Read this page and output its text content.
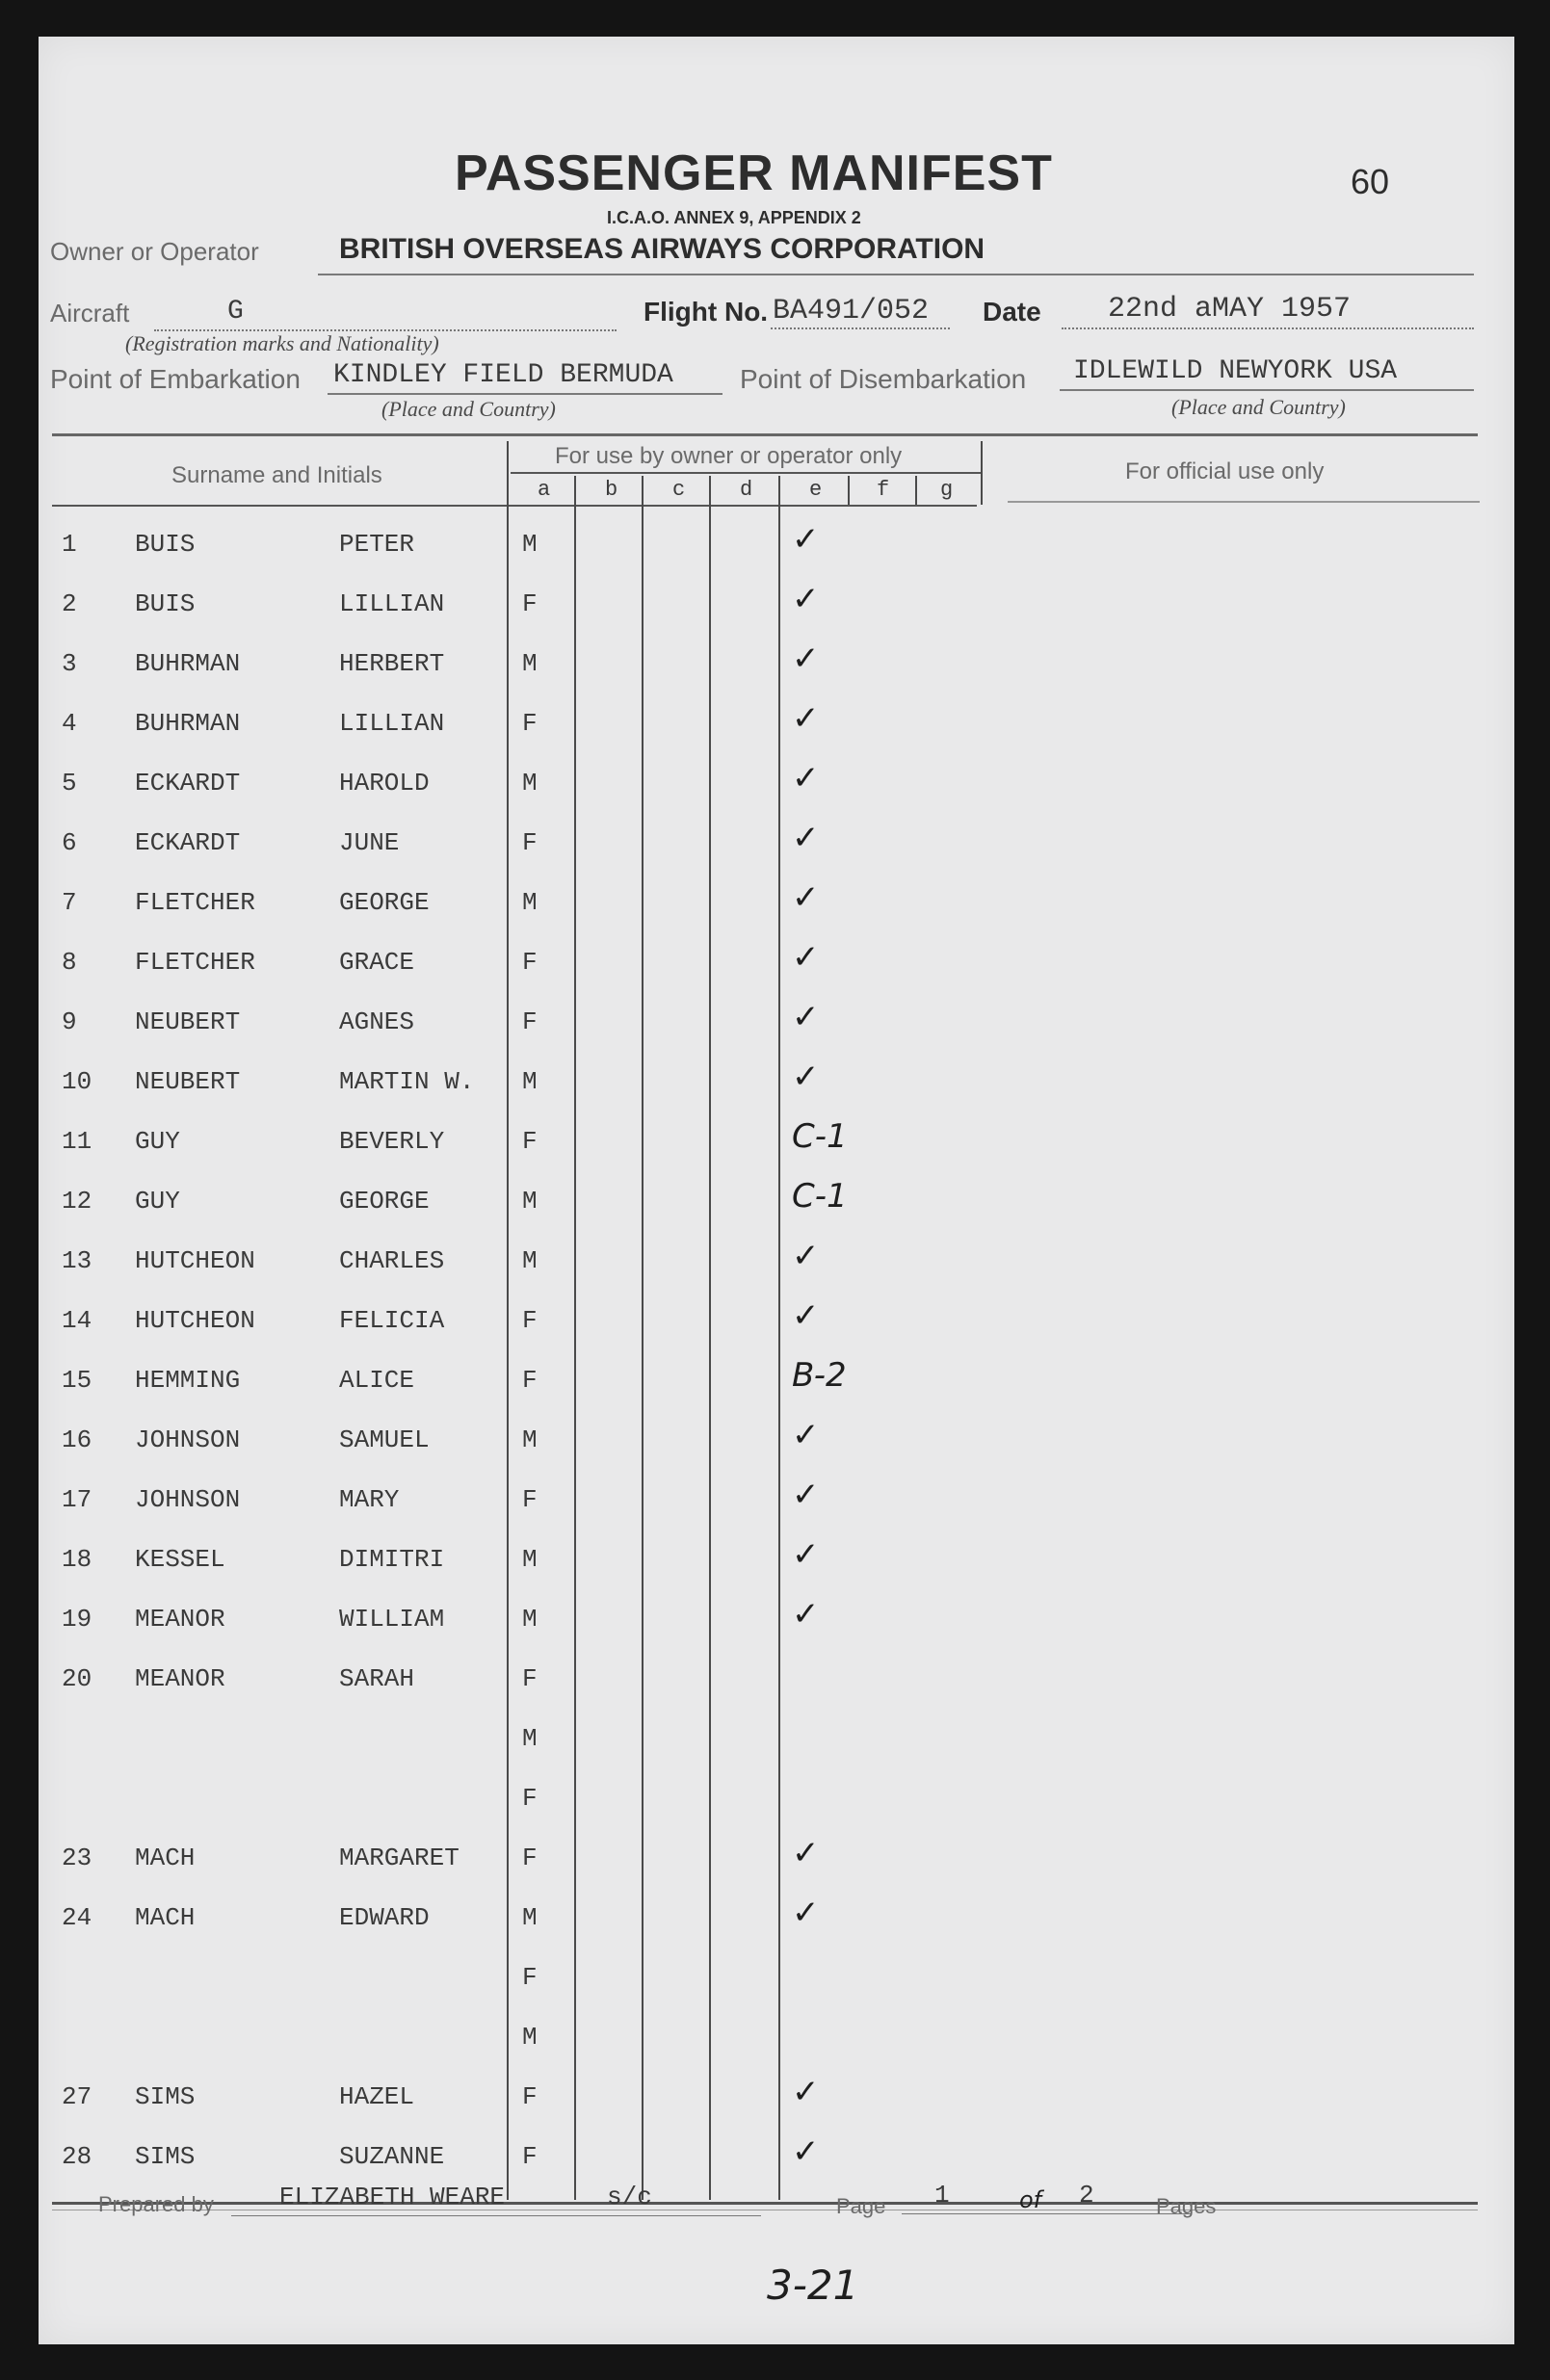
PASSENGER MANIFEST
I.C.A.O. ANNEX 9, APPENDIX 2
60
Owner or Operator	BRITISH OVERSEAS AIRWAYS CORPORATION
Aircraft	G
(Registration marks and Nationality)
Flight No. BA491/052 Date 22nd aMAY 1957
Point of Embarkation KINDLEY FIELD BERMUDA
(Place and Country)
Point of Disembarkation IDLEWILD NEWYORK USA
(Place and Country)
Surname and Initials
For use by owner or operator only
For official use only
a	b	c	d	e	f g
1 BUIS	PETER	M	✓
2 BUIS	LILLIAN	F	✓
3 BUHRMAN	HERBERT	M	✓
4 BUHRMAN	LILLIAN	F	✓
5 ECKARDT	HAROLD	M	✓
6 ECKARDT	JUNE	F	✓
7 FLETCHER	GEORGE	M	✓
8 FLETCHER	GRACE	F	✓
9 NEUBERT	AGNES	F	✓
10 NEUBERT	MARTIN W. M	✓
11 GUY	BEVERLY	F	C-1
12 GUY	GEORGE	M	C-1
13 HUTCHEON	CHARLES	M	✓
14 HUTCHEON	FELICIA	F	✓
15 HEMMING	ALICE	F	B-2
16 JOHNSON	SAMUEL	M	✓
17 JOHNSON	MARY	F	✓
18 KESSEL	DIMITRI	M	✓
19 MEANOR	WILLIAM	M	✓
20 MEANOR	SARAH	F
M
F
23 MACH	MARGARET	F	✓
24 MACH	EDWARD	M	✓
F
M
27 SIMS	HAZEL	F	✓
28 SIMS	SUZANNE	F	✓
Prepared by	ELIZABETH WEARE	s/c	Page 1	of 2	Pages
3-21
